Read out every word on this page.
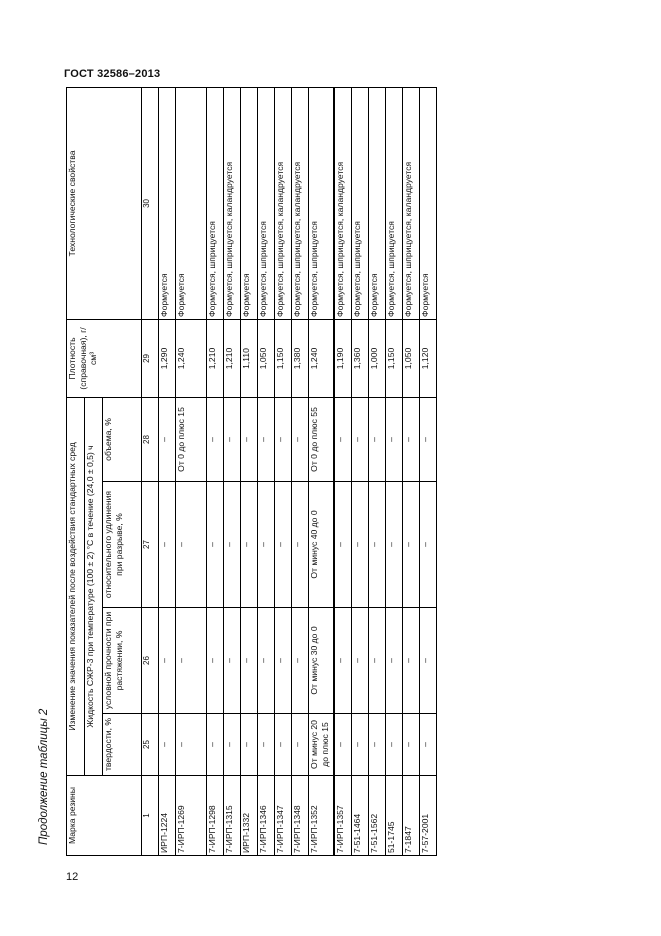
ГОСТ 32586–2013
Продолжение таблицы 2 Марка резины	Изменение значения показателей после воздействия стандартных сред				Плотность (справочная), г/см³	Технологические свойства
	Жидкость СЖР-3 при температуре (100 ± 2) °С в течение (24,0 ± 0,5) ч					
	твердости, %	условной прочности при растяжении, %	относительного удлинения при разрыве, %	объема, %		
1	25	26	27	28	29	30
ИРП-1224	–	–	–	–	1,290	Формуется
7-ИРП-1269	–	–	–	От 0 до плюс 15	1,240	Формуется
7-ИРП-1298	–	–	–	–	1,210	Формуется, шприцуется
7-ИРП-1315	–	–	–	–	1,210	Формуется, шприцуется, каландруется
ИРП-1332	–	–	–	–	1,110	Формуется
7-ИРП-1346	–	–	–	–	1,050	Формуется, шприцуется
7-ИРП-1347	–	–	–	–	1,150	Формуется, шприцуется, каландруется
7-ИРП-1348	–	–	–	–	1,380	Формуется, шприцуется, каландруется
7-ИРП-1352	От минус 20 до плюс 15	От минус 30 до 0	От минус 40 до 0	От 0 до плюс 55	1,240	Формуется, шприцуется
7-ИРП-1357	–	–	–	–	1,190	Формуется, шприцуется, каландруется
7-51-1464	–	–	–	–	1,360	Формуется, шприцуется
7-51-1562	–	–	–	–	1,000	Формуется
51-1745	–	–	–	–	1,150	Формуется, шприцуется
7-1847	–	–	–	–	1,050	Формуется, шприцуется, каландруется
7-57-2001	–	–	–	–	1,120	Формуется
12
